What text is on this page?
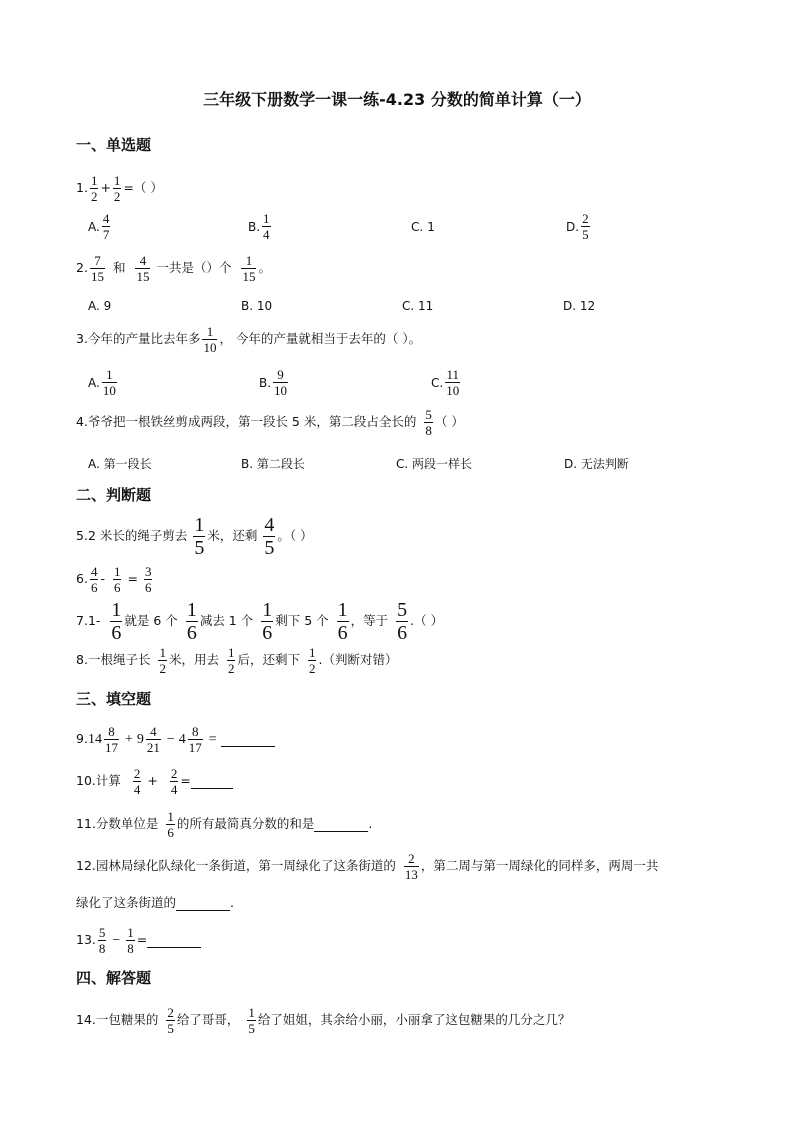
三年级下册数学一课一练-4.23 分数的简单计算（一）
一、单选题
1. $\frac{1}{2} + \frac{1}{2}$ =（ ）
A. $\frac{4}{7}$	B. $\frac{1}{4}$	C. 1	D. $\frac{2}{5}$
2. $\frac{7}{15}$ 和 $\frac{4}{15}$ 一共是（）个 $\frac{1}{15}$ 。
A. 9	B. 10	C. 11	D. 12
3. 今年的产量比去年多 $\frac{1}{10}$ ， 今年的产量就相当于去年的（ ）。
A. $\frac{1}{10}$	B. $\frac{9}{10}$	C. $\frac{11}{10}$
4. 爷爷把一根铁丝剪成两段，第一段长 5 米，第二段占全长的 $\frac{5}{8}$ （ ）
A. 第一段长	B. 第二段长	C. 两段一样长	D. 无法判断
二、判断题
5. 2 米长的绳子剪去 $\frac{1}{5}$ 米，还剩 $\frac{4}{5}$ 。（ ）
6. $\frac{4}{6} - \frac{1}{6} = \frac{3}{6}$
7. $1- \frac{1}{6}$ 就是 6 个 $\frac{1}{6}$ 减去 1 个 $\frac{1}{6}$ 剩下 5 个 $\frac{1}{6}$ ，等于 $\frac{5}{6}$ .（ ）
8. 一根绳子长 $\frac{1}{2}$ 米，用去 $\frac{1}{2}$ 后，还剩下 $\frac{1}{2}$ .（判断对错）
三、填空题
9. $14 \frac{8}{17} + 9 \frac{4}{21} - 4 \frac{8}{17}$ =
10. 计算 $\frac{2}{4} + \frac{2}{4}$ =
11. 分数单位是 $\frac{1}{6}$ 的所有最简真分数的和是	.
12. 园林局绿化队绿化一条街道，第一周绿化了这条街道的 $\frac{2}{13}$ ，第二周与第一周绿化的同样多，两周一共
绿化了这条街道的	.
13. $\frac{5}{8} - \frac{1}{8}$ =
四、解答题
14. 一包糖果的 $\frac{2}{5}$ 给了哥哥， $\frac{1}{5}$ 给了姐姐，其余给小丽，小丽拿了这包糖果的几分之几？
